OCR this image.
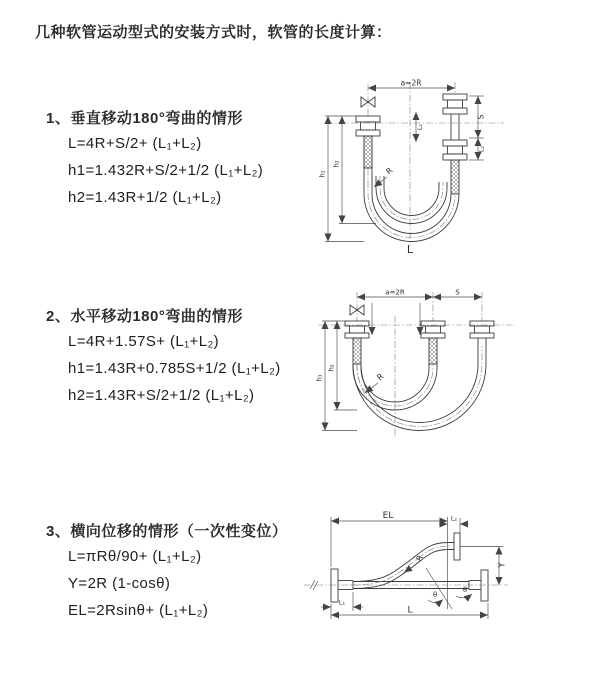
几种软管运动型式的安装方式时，软管的长度计算：
1、垂直移动180°弯曲的情形
L=4R+S/2+ (L₁+L₂)
h1=1.432R+S/2+1/2 (L₁+L₂)
h2=1.43R+1/2 (L₁+L₂)
a=2R
h₁
h₂
L₁
S
L₂
R
L
2、水平移动180°弯曲的情形
L=4R+1.57S+ (L₁+L₂)
h1=1.43R+0.785S+1/2 (L₁+L₂)
h2=1.43R+S/2+1/2 (L₁+L₂)
a=2R	S
h₁
h₂
R
3、横向位移的情形（一次性变位）
L=πRθ/90+ (L₁+L₂)
Y=2R (1-cosθ)
EL=2Rsinθ+ (L₁+L₂)
EL	L₂
Y
L
L₁
R
θ
θ
